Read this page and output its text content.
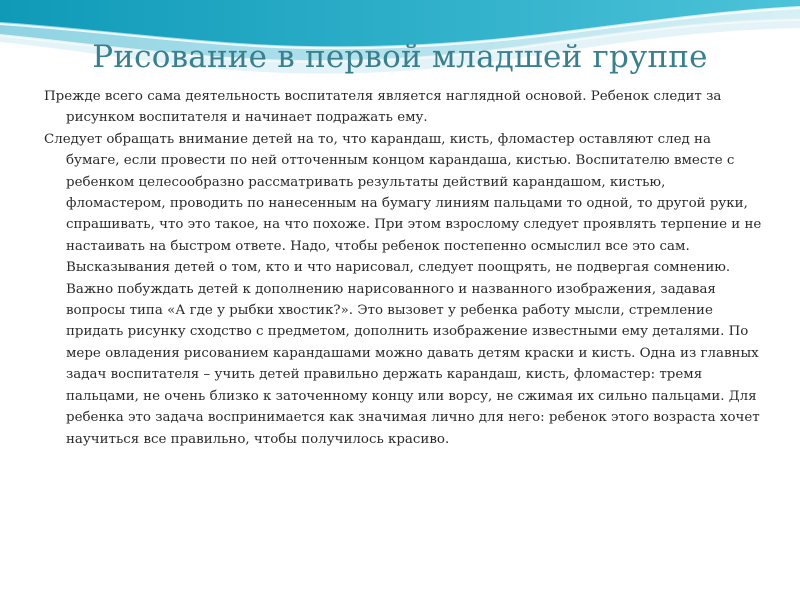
Рисование в первой младшей группе

Прежде всего сама деятельность воспитателя является наглядной основой. Ребенок следит за рисунком воспитателя и начинает подражать ему.

Следует обращать внимание детей на то, что карандаш, кисть, фломастер оставляют след на бумаге, если провести по ней отточенным концом карандаша, кистью. Воспитателю вместе с ребенком целесообразно рассматривать результаты действий карандашом, кистью, фломастером, проводить по нанесенным на бумагу линиям пальцами то одной, то другой руки, спрашивать, что это такое, на что похоже. При этом взрослому следует проявлять терпение и не настаивать на быстром ответе. Надо, чтобы ребенок постепенно осмыслил все это сам. Высказывания детей о том, кто и что нарисовал, следует поощрять, не подвергая сомнению. Важно побуждать детей к дополнению нарисованного и названного изображения, задавая вопросы типа «А где у рыбки хвостик?». Это вызовет у ребенка работу мысли, стремление придать рисунку сходство с предметом, дополнить изображение известными ему деталями. По мере овладения рисованием карандашами можно давать детям краски и кисть. Одна из главных задач воспитателя – учить детей правильно держать карандаш, кисть, фломастер: тремя пальцами, не очень близко к заточенному концу или ворсу, не сжимая их сильно пальцами. Для ребенка это задача воспринимается как значимая лично для него: ребенок этого возраста хочет научиться все правильно, чтобы получилось красиво.
